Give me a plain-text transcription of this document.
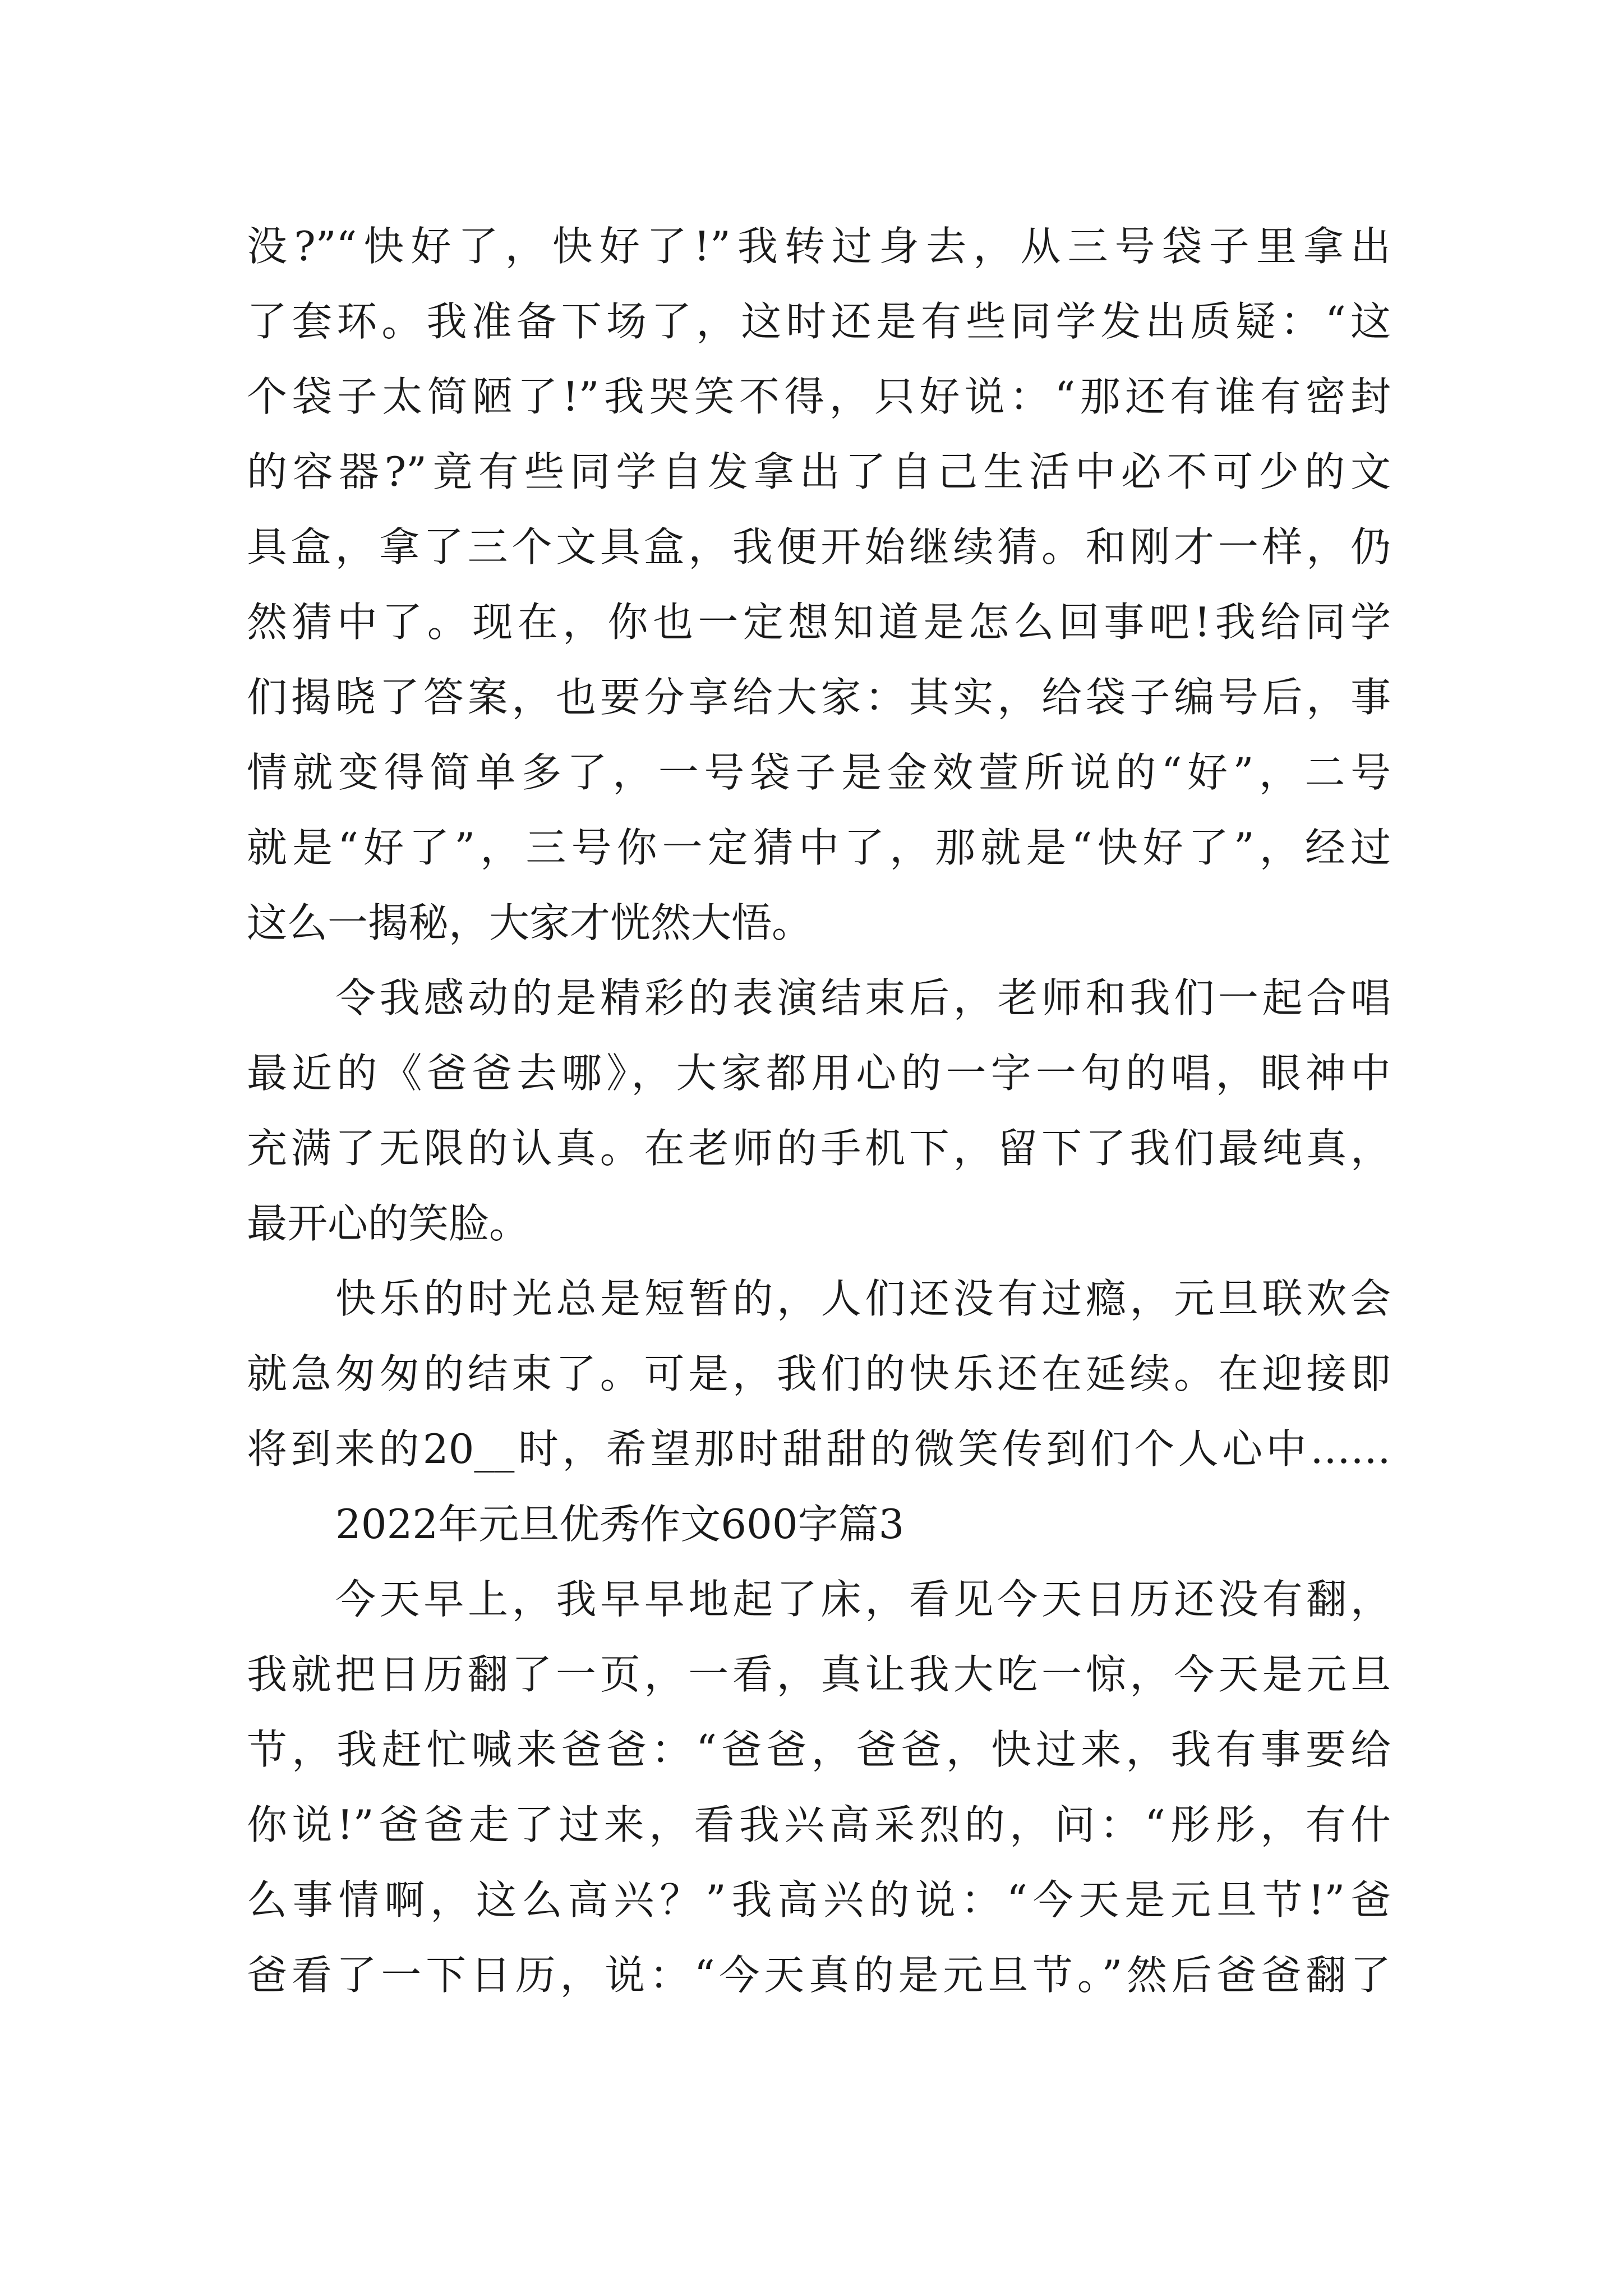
没?”“快好了，快好了!”我转过身去，从三号袋子里拿出
了套环。我准备下场了，这时还是有些同学发出质疑：“这
个袋子太简陋了!”我哭笑不得，只好说：“那还有谁有密封
的容器?”竟有些同学自发拿出了自己生活中必不可少的文
具盒，拿了三个文具盒，我便开始继续猜。和刚才一样，仍
然猜中了。现在，你也一定想知道是怎么回事吧!我给同学
们揭晓了答案，也要分享给大家：其实，给袋子编号后，事
情就变得简单多了，一号袋子是金效萱所说的“好”，二号
就是“好了”，三号你一定猜中了，那就是“快好了”，经过
这么一揭秘，大家才恍然大悟。
令我感动的是精彩的表演结束后，老师和我们一起合唱
最近的《爸爸去哪》，大家都用心的一字一句的唱，眼神中
充满了无限的认真。在老师的手机下，留下了我们最纯真，
最开心的笑脸。
快乐的时光总是短暂的，人们还没有过瘾，元旦联欢会
就急匆匆的结束了。可是，我们的快乐还在延续。在迎接即
将到来的20__时，希望那时甜甜的微笑传到们个人心中……
2022年元旦优秀作文600字篇3
今天早上，我早早地起了床，看见今天日历还没有翻，
我就把日历翻了一页，一看，真让我大吃一惊，今天是元旦
节，我赶忙喊来爸爸：“爸爸，爸爸，快过来，我有事要给
你说!”爸爸走了过来，看我兴高采烈的，问：“彤彤，有什
么事情啊，这么高兴？”我高兴的说：“今天是元旦节!”爸
爸看了一下日历，说：“今天真的是元旦节。”然后爸爸翻了
